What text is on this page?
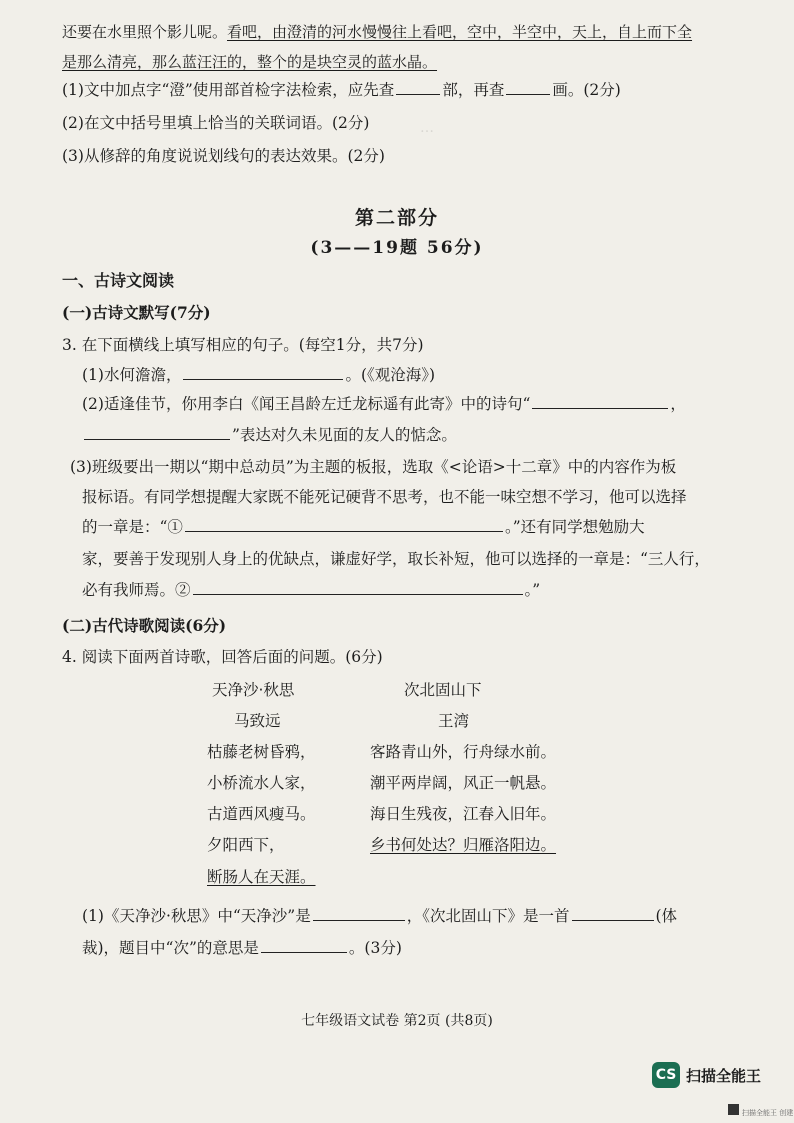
…
还要在水里照个影儿呢。看吧，由澄清的河水慢慢往上看吧，空中，半空中，天上，自上而下全
是那么清亮，那么蓝汪汪的，整个的是块空灵的蓝水晶。
(1)文中加点字“澄”使用部首检字法检索，应先查	部，再查	画。(2分)
(2)在文中括号里填上恰当的关联词语。(2分)
(3)从修辞的角度说说划线句的表达效果。(2分)
第二部分
(3——19题 56分)
一、古诗文阅读
(一)古诗文默写(7分)
3. 在下面横线上填写相应的句子。(每空1分，共7分)
(1)水何澹澹，	。(《观沧海》)
(2)适逢佳节，你用李白《闻王昌龄左迁龙标遥有此寄》中的诗句“	，
”表达对久未见面的友人的惦念。
(3)班级要出一期以“期中总动员”为主题的板报，选取《<论语>十二章》中的内容作为板
报标语。有同学想提醒大家既不能死记硬背不思考，也不能一味空想不学习，他可以选择
的一章是：“①	。”还有同学想勉励大
家，要善于发现别人身上的优缺点，谦虚好学，取长补短，他可以选择的一章是：“三人行，
必有我师焉。②	。”
(二)古代诗歌阅读(6分)
4. 阅读下面两首诗歌，回答后面的问题。(6分)
天净沙·秋思
马致远
枯藤老树昏鸦，
小桥流水人家，
古道西风瘦马。
夕阳西下，
断肠人在天涯。
次北固山下
王湾
客路青山外，行舟绿水前。
潮平两岸阔，风正一帆悬。
海日生残夜，江春入旧年。
乡书何处达？归雁洛阳边。
(1)《天净沙·秋思》中“天净沙”是	，《次北固山下》是一首	(体
裁)，题目中“次”的意思是	。(3分)
七年级语文试卷 第2页 (共8页)
CS 扫描全能王
扫描全能王 创建
